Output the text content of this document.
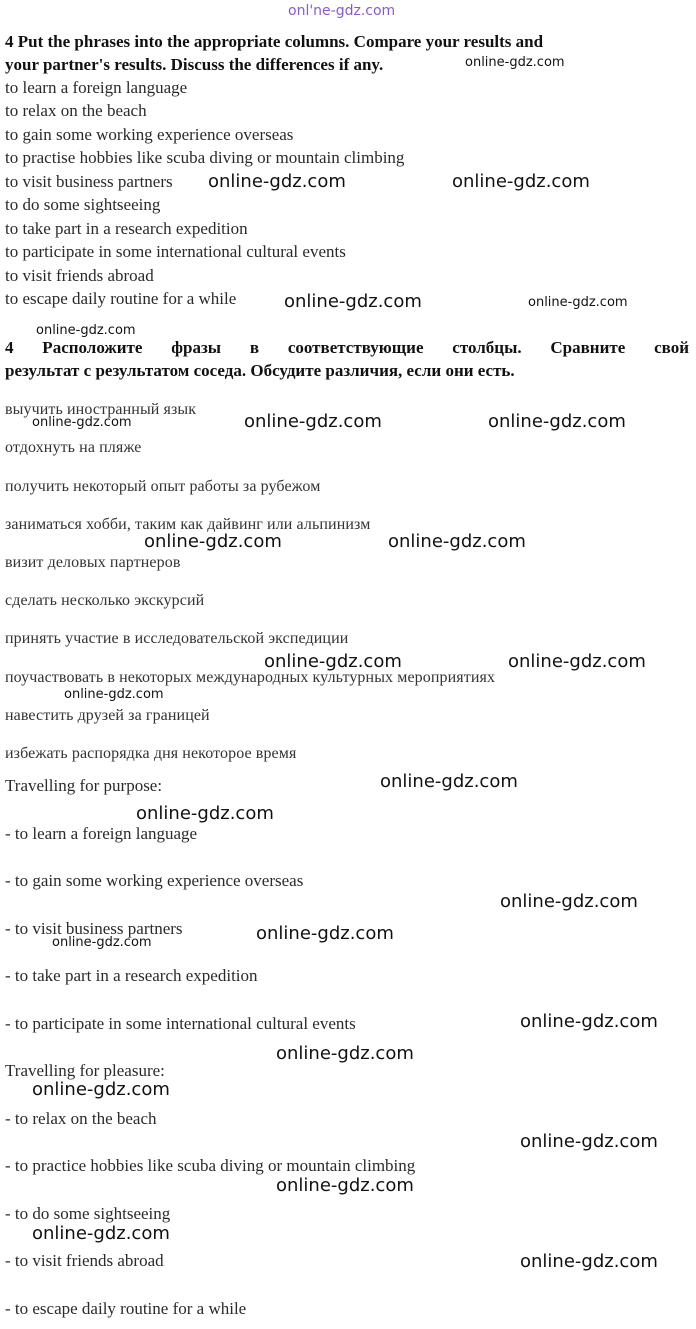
onl'ne-gdz.com
4 Put the phrases into the appropriate columns. Compare your results and
your partner's results. Discuss the differences if any.
to learn a foreign language
to relax on the beach
to gain some working experience overseas
to practise hobbies like scuba diving or mountain climbing
to visit business partners
to do some sightseeing
to take part in a research expedition
to participate in some international cultural events
to visit friends abroad
to escape daily routine for a while
4 Расположите фразы в соответствующие столбцы. Сравните свой
результат с результатом соседа. Обсудите различия, если они есть.
выучить иностранный язык
отдохнуть на пляже
получить некоторый опыт работы за рубежом
заниматься хобби, таким как дайвинг или альпинизм
визит деловых партнеров
сделать несколько экскурсий
принять участие в исследовательской экспедиции
поучаствовать в некоторых международных культурных мероприятиях
навестить друзей за границей
избежать распорядка дня некоторое время
Travelling for purpose:
- to learn a foreign language
- to gain some working experience overseas
- to visit business partners
- to take part in a research expedition
- to participate in some international cultural events
Travelling for pleasure:
- to relax on the beach
- to practice hobbies like scuba diving or mountain climbing
- to do some sightseeing
- to visit friends abroad
- to escape daily routine for a while
online-gdz.com
online-gdz.com	online-gdz.com
online-gdz.com	online-gdz.com
online-gdz.com
online-gdz.com	online-gdz.com	online-gdz.com
online-gdz.com	online-gdz.com
online-gdz.com	online-gdz.com
online-gdz.com
online-gdz.com
online-gdz.com
online-gdz.com
online-gdz.com
online-gdz.com
online-gdz.com
online-gdz.com
online-gdz.com
online-gdz.com
online-gdz.com
online-gdz.com
online-gdz.com
